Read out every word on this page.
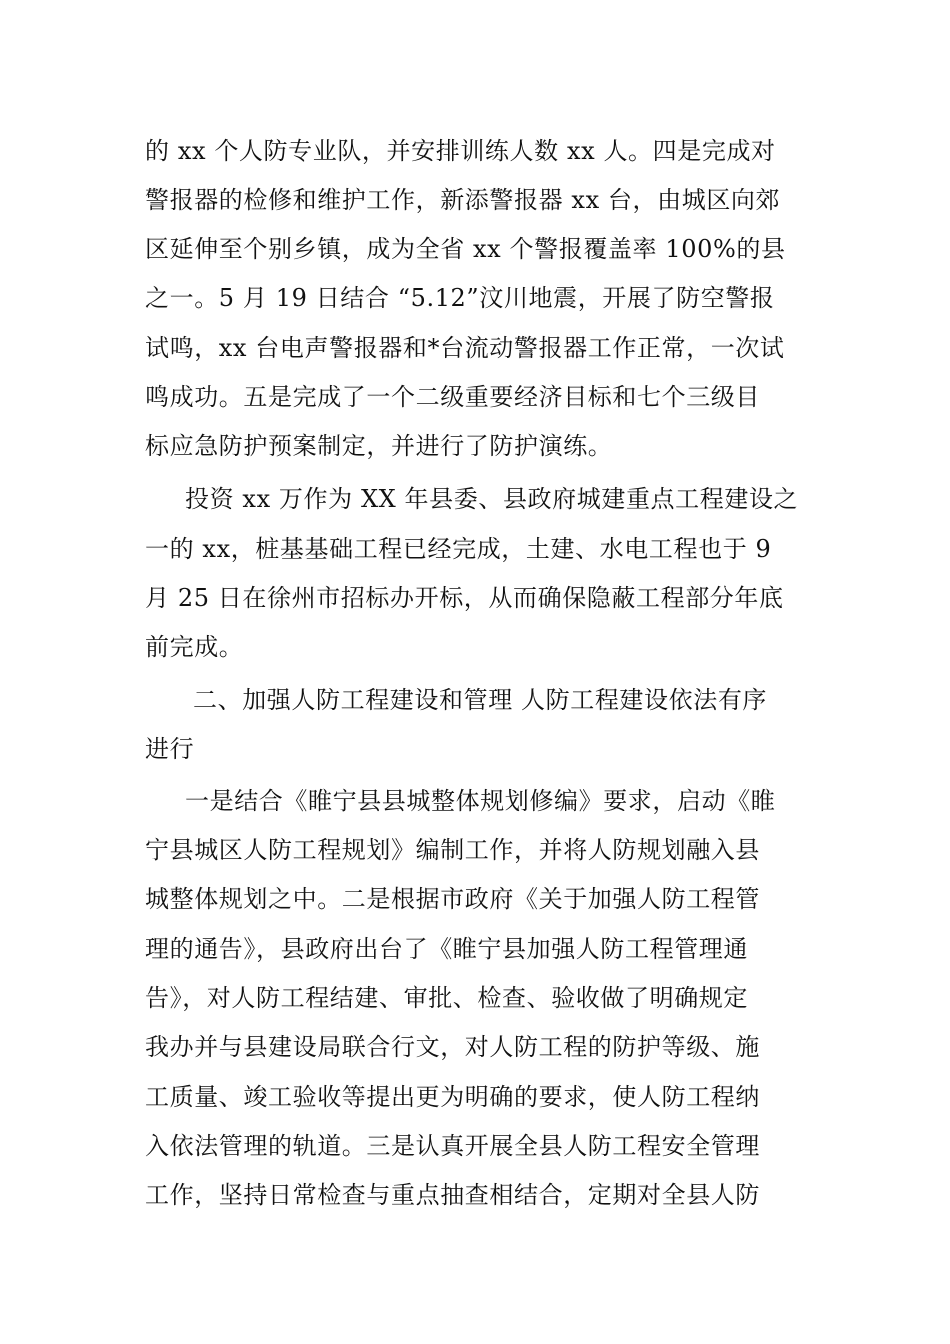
的 xx 个人防专业队，并安排训练人数 xx 人。四是完成对
警报器的检修和维护工作，新添警报器 xx 台，由城区向郊
区延伸至个别乡镇，成为全省 xx 个警报覆盖率 100%的县
之一。5 月 19 日结合 “5.12”汶川地震，开展了防空警报
试鸣，xx 台电声警报器和*台流动警报器工作正常，一次试
鸣成功。五是完成了一个二级重要经济目标和七个三级目
标应急防护预案制定，并进行了防护演练。
投资 xx 万作为 XX 年县委、县政府城建重点工程建设之
一的 xx，桩基基础工程已经完成，土建、水电工程也于 9
月 25 日在徐州市招标办开标，从而确保隐蔽工程部分年底
前完成。
二、加强人防工程建设和管理 人防工程建设依法有序
进行
一是结合《睢宁县县城整体规划修编》要求，启动《睢
宁县城区人防工程规划》编制工作，并将人防规划融入县
城整体规划之中。二是根据市政府《关于加强人防工程管
理的通告》，县政府出台了《睢宁县加强人防工程管理通
告》，对人防工程结建、审批、检查、验收做了明确规定
我办并与县建设局联合行文，对人防工程的防护等级、施
工质量、竣工验收等提出更为明确的要求，使人防工程纳
入依法管理的轨道。三是认真开展全县人防工程安全管理
工作，坚持日常检查与重点抽查相结合，定期对全县人防
